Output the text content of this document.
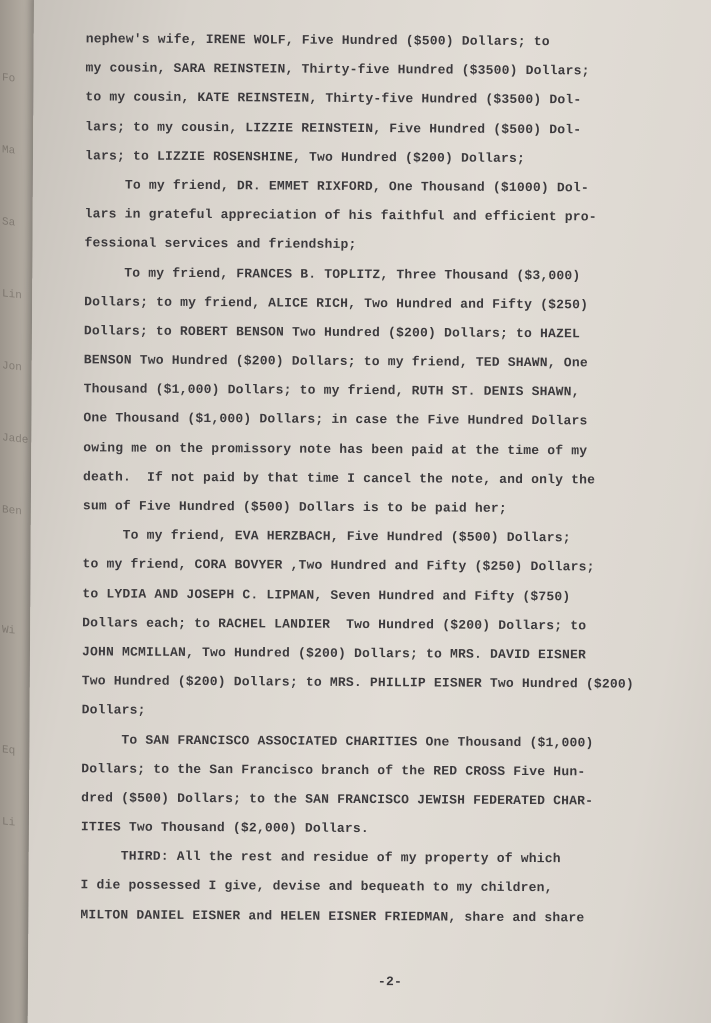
Fo

Ma

Sa

Lin

Jon

Jade

Ben

Wi

Eq

Li

nephew's wife, IRENE WOLF, Five Hundred ($500) Dollars; to
my cousin, SARA REINSTEIN, Thirty-five Hundred ($3500) Dollars;
to my cousin, KATE REINSTEIN, Thirty-five Hundred ($3500) Dol-
lars; to my cousin, LIZZIE REINSTEIN, Five Hundred ($500) Dol-
lars; to LIZZIE ROSENSHINE, Two Hundred ($200) Dollars;
To my friend, DR. EMMET RIXFORD, One Thousand ($1000) Dol-
lars in grateful appreciation of his faithful and efficient pro-
fessional services and friendship;
To my friend, FRANCES B. TOPLITZ, Three Thousand ($3,000)
Dollars; to my friend, ALICE RICH, Two Hundred and Fifty ($250)
Dollars; to ROBERT BENSON Two Hundred ($200) Dollars; to HAZEL
BENSON Two Hundred ($200) Dollars; to my friend, TED SHAWN, One
Thousand ($1,000) Dollars; to my friend, RUTH ST. DENIS SHAWN,
One Thousand ($1,000) Dollars; in case the Five Hundred Dollars
owing me on the promissory note has been paid at the time of my
death.  If not paid by that time I cancel the note, and only the
sum of Five Hundred ($500) Dollars is to be paid her;
To my friend, EVA HERZBACH, Five Hundred ($500) Dollars;
to my friend, CORA BOVYER ,Two Hundred and Fifty ($250) Dollars;
to LYDIA AND JOSEPH C. LIPMAN, Seven Hundred and Fifty ($750)
Dollars each; to RACHEL LANDIER  Two Hundred ($200) Dollars; to
JOHN MCMILLAN, Two Hundred ($200) Dollars; to MRS. DAVID EISNER
Two Hundred ($200) Dollars; to MRS. PHILLIP EISNER Two Hundred ($200)
Dollars;
To SAN FRANCISCO ASSOCIATED CHARITIES One Thousand ($1,000)
Dollars; to the San Francisco branch of the RED CROSS Five Hun-
dred ($500) Dollars; to the SAN FRANCISCO JEWISH FEDERATED CHAR-
ITIES Two Thousand ($2,000) Dollars.
THIRD: All the rest and residue of my property of which
I die possessed I give, devise and bequeath to my children,
MILTON DANIEL EISNER and HELEN EISNER FRIEDMAN, share and share
-2-
